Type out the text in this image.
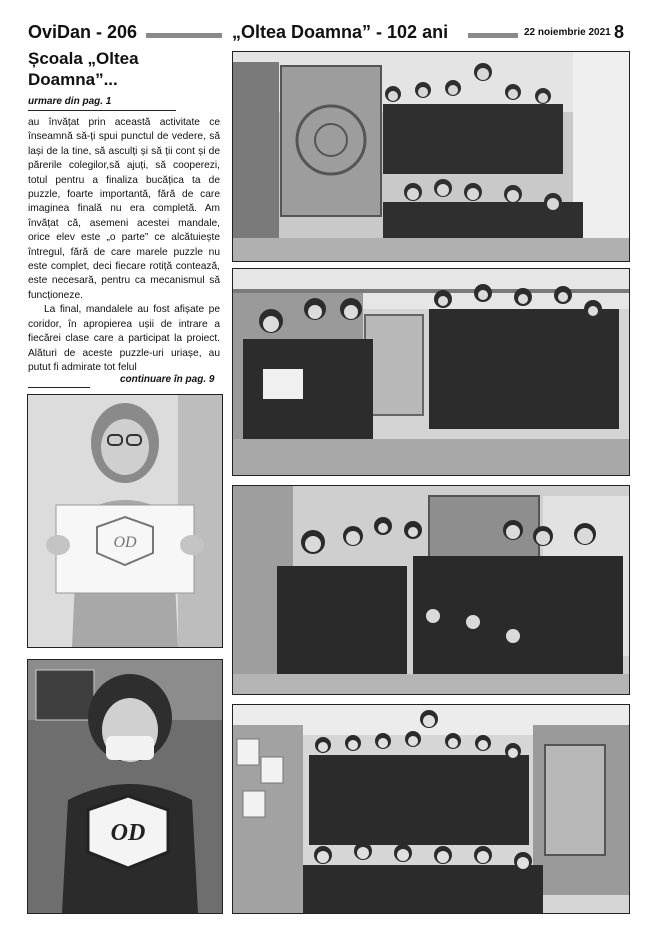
OviDan - 206	„Oltea Doamna” - 102 ani	22 noiembrie 2021 8
Școala „Oltea
Doamna”...
urmare din pag. 1

au învățat prin această activitate ce înseamnă să-ți spui punctul de vedere, să lași de la tine, să asculți și să ții cont și de părerile colegilor,să ajuți, să cooperezi, totul pentru a finaliza bucățica ta de puzzle, foarte importantă, fără de care imaginea finală nu era completă. Am învățat că, asemeni acestei mandale, orice elev este „o parte” ce alcătuiește întregul, fără de care marele puzzle nu este complet, deci fiecare rotiță contează, este necesară, pentru ca mecanismul să funcționeze.

La final, mandalele au fost afișate pe coridor, în apropierea ușii de intrare a fiecărei clase care a participat la proiect. Alături de aceste puzzle-uri uriașe, au putut fi admirate tot felul

continuare în pag. 9
OD
OD
